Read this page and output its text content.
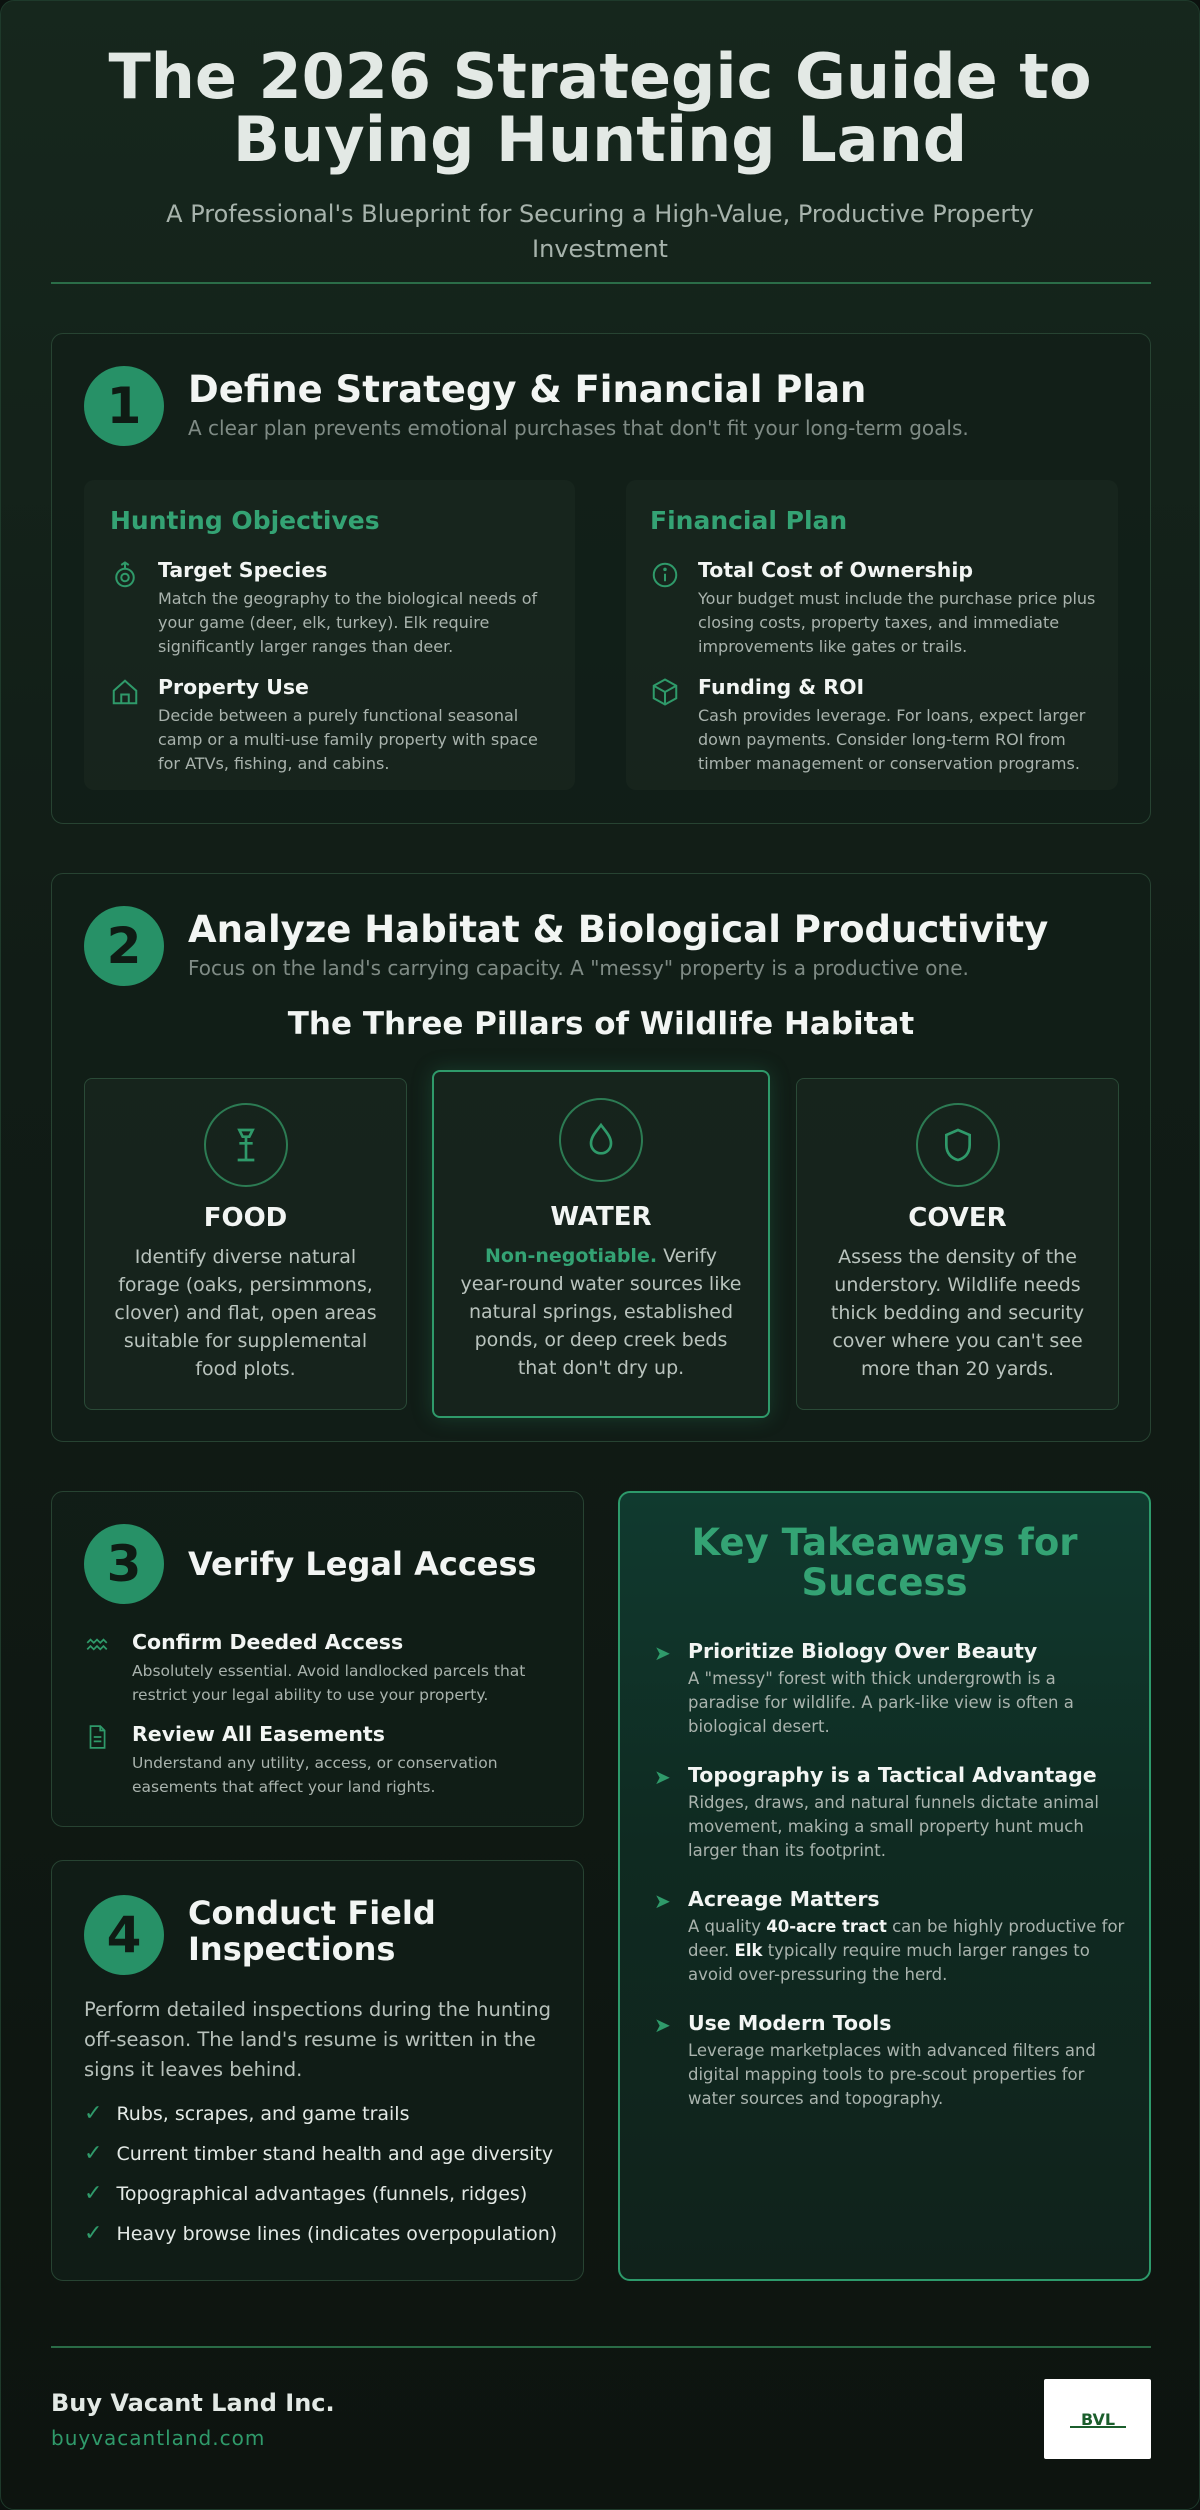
The 2026 Strategic Guide to Buying Hunting Land
A Professional's Blueprint for Securing a High-Value, Productive Property Investment
1	Define Strategy & Financial Plan
A clear plan prevents emotional purchases that don't fit your long-term goals.
Hunting Objectives
Target Species
Match the geography to the biological needs of your game (deer, elk, turkey). Elk require significantly larger ranges than deer.
Property Use
Decide between a purely functional seasonal camp or a multi-use family property with space for ATVs, fishing, and cabins.
Financial Plan
Total Cost of Ownership
Your budget must include the purchase price plus closing costs, property taxes, and immediate improvements like gates or trails.
Funding & ROI
Cash provides leverage. For loans, expect larger down payments. Consider long-term ROI from timber management or conservation programs.
2	Analyze Habitat & Biological Productivity
Focus on the land's carrying capacity. A "messy" property is a productive one.
The Three Pillars of Wildlife Habitat
FOOD
Identify diverse natural forage (oaks, persimmons, clover) and flat, open areas suitable for supplemental food plots.
WATER
Non-negotiable. Verify year-round water sources like natural springs, established ponds, or deep creek beds that don't dry up.
COVER
Assess the density of the understory. Wildlife needs thick bedding and security cover where you can't see more than 20 yards.
3	Verify Legal Access
Confirm Deeded Access
Absolutely essential. Avoid landlocked parcels that restrict your legal ability to use your property.
Review All Easements
Understand any utility, access, or conservation easements that affect your land rights.
4	Conduct Field Inspections
Perform detailed inspections during the hunting off-season. The land's resume is written in the signs it leaves behind.
✓ Rubs, scrapes, and game trails
✓ Current timber stand health and age diversity
✓ Topographical advantages (funnels, ridges)
✓ Heavy browse lines (indicates overpopulation)
Key Takeaways for Success
➤ Prioritize Biology Over Beauty
A "messy" forest with thick undergrowth is a paradise for wildlife. A park-like view is often a biological desert.
➤ Topography is a Tactical Advantage
Ridges, draws, and natural funnels dictate animal movement, making a small property hunt much larger than its footprint.
➤ Acreage Matters
A quality 40-acre tract can be highly productive for deer. Elk typically require much larger ranges to avoid over-pressuring the herd.
➤ Use Modern Tools
Leverage marketplaces with advanced filters and digital mapping tools to pre-scout properties for water sources and topography.
Buy Vacant Land Inc.
buyvacantland.com
BVL
